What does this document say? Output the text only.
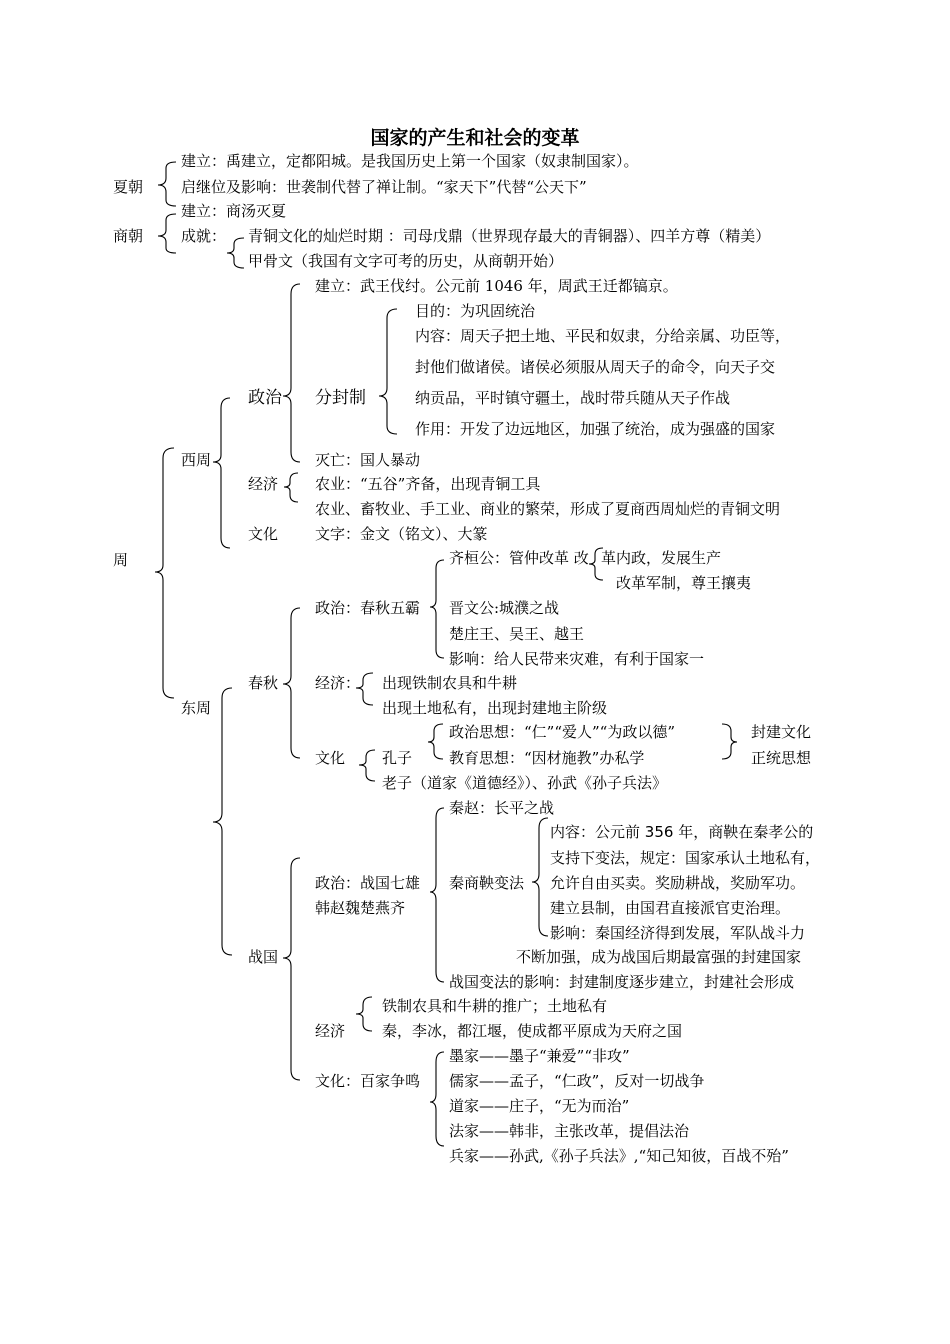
国家的产生和社会的变革
夏朝
建立：禹建立，定都阳城。是我国历史上第一个国家（奴隶制国家）。
启继位及影响：世袭制代替了禅让制。“家天下”代替“公天下”
商朝
建立：商汤灭夏
成就： 青铜文化的灿烂时期 ：司母戊鼎（世界现存最大的青铜器）、四羊方尊（精美）
甲骨文（我国有文字可考的历史，从商朝开始）
周
西周
政治
建立：武王伐纣。公元前 1046 年，周武王迁都镐京。
分封制
目的：为巩固统治
内容：周天子把土地、平民和奴隶，分给亲属、功臣等，
封他们做诸侯。诸侯必须服从周天子的命令，向天子交
纳贡品，平时镇守疆土，战时带兵随从天子作战
作用：开发了边远地区，加强了统治，成为强盛的国家
灭亡：国人暴动
经济 农业：“五谷”齐备，出现青铜工具
农业、畜牧业、手工业、商业的繁荣，形成了夏商西周灿烂的青铜文明
文化 文字：金文（铭文）、大篆
东周
春秋
政治：春秋五霸
齐桓公：管仲改革 改 革内政，发展生产
改革军制，尊王攘夷
晋文公:城濮之战
楚庄王、吴王、越王
影响：给人民带来灾难，有利于国家一
经济： 出现铁制农具和牛耕
出现土地私有，出现封建地主阶级
文化 孔子
政治思想：“仁”“爱人”“为政以德”
教育思想：“因材施教”办私学
封建文化
正统思想
老子（道家《道德经》）、孙武《孙子兵法》
战国
政治：战国七雄
韩赵魏楚燕齐
秦赵：长平之战
秦商鞅变法
内容：公元前 356 年，商鞅在秦孝公的
支持下变法，规定：国家承认土地私有，
允许自由买卖。奖励耕战，奖励军功。
建立县制，由国君直接派官吏治理。
影响：秦国经济得到发展，军队战斗力
不断加强，成为战国后期最富强的封建国家
战国变法的影响：封建制度逐步建立，封建社会形成
经济
铁制农具和牛耕的推广；土地私有
秦，李冰，都江堰，使成都平原成为天府之国
文化：百家争鸣
墨家——墨子“兼爱”“非攻”
儒家——孟子，“仁政”，反对一切战争
道家——庄子，“无为而治”
法家——韩非，主张改革，提倡法治
兵家——孙武,《孙子兵法》,“知己知彼，百战不殆”
